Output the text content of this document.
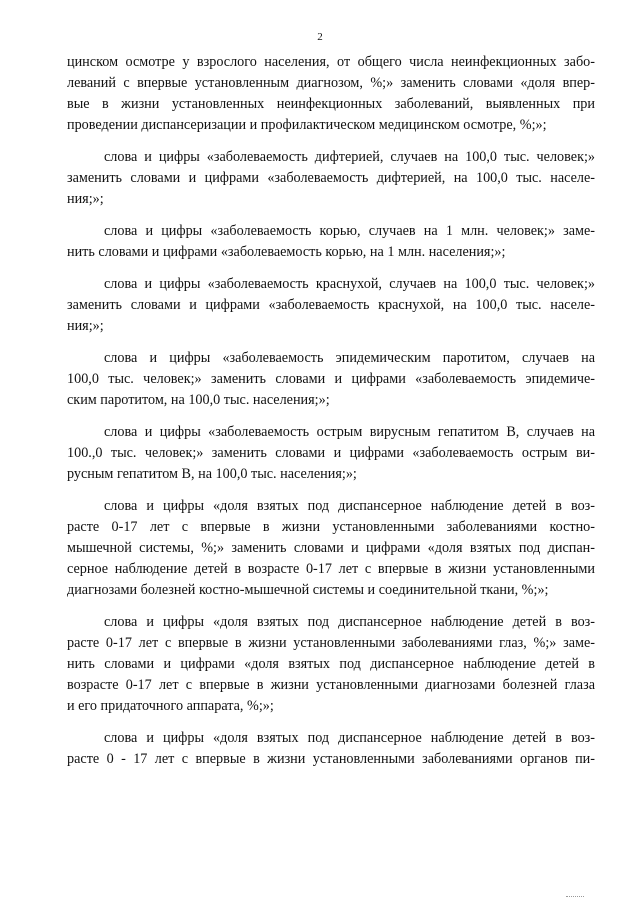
2
цинском осмотре у взрослого населения, от общего числа неинфекционных забо-
леваний с впервые установленным диагнозом, %;» заменить словами «доля впер-
вые в жизни установленных неинфекционных заболеваний, выявленных при
проведении диспансеризации и профилактическом медицинском осмотре, %;»;
слова и цифры «заболеваемость дифтерией, случаев на 100,0 тыс. человек;»
заменить словами и цифрами «заболеваемость дифтерией, на 100,0 тыс. населе-
ния;»;
слова и цифры «заболеваемость корью, случаев на 1 млн. человек;» заме-
нить словами и цифрами «заболеваемость корью, на 1 млн. населения;»;
слова и цифры «заболеваемость краснухой, случаев на 100,0 тыс. человек;»
заменить словами и цифрами «заболеваемость краснухой, на 100,0 тыс. населе-
ния;»;
слова и цифры «заболеваемость эпидемическим паротитом, случаев на
100,0 тыс. человек;» заменить словами и цифрами «заболеваемость эпидемиче-
ским паротитом, на 100,0 тыс. населения;»;
слова и цифры «заболеваемость острым вирусным гепатитом В, случаев на
100.,0 тыс. человек;» заменить словами и цифрами «заболеваемость острым ви-
русным гепатитом В, на 100,0 тыс. населения;»;
слова и цифры «доля взятых под диспансерное наблюдение детей в воз-
расте 0-17 лет с впервые в жизни установленными заболеваниями костно-
мышечной системы, %;» заменить словами и цифрами «доля взятых под диспан-
серное наблюдение детей в возрасте 0-17 лет с впервые в жизни установленными
диагнозами болезней костно-мышечной системы и соединительной ткани, %;»;
слова и цифры «доля взятых под диспансерное наблюдение детей в воз-
расте 0-17 лет с впервые в жизни установленными заболеваниями глаз, %;» заме-
нить словами и цифрами «доля взятых под диспансерное наблюдение детей в
возрасте 0-17 лет с впервые в жизни установленными диагнозами болезней глаза
и его придаточного аппарата, %;»;
слова и цифры «доля взятых под диспансерное наблюдение детей в воз-
расте 0 - 17 лет с впервые в жизни установленными заболеваниями органов пи-
